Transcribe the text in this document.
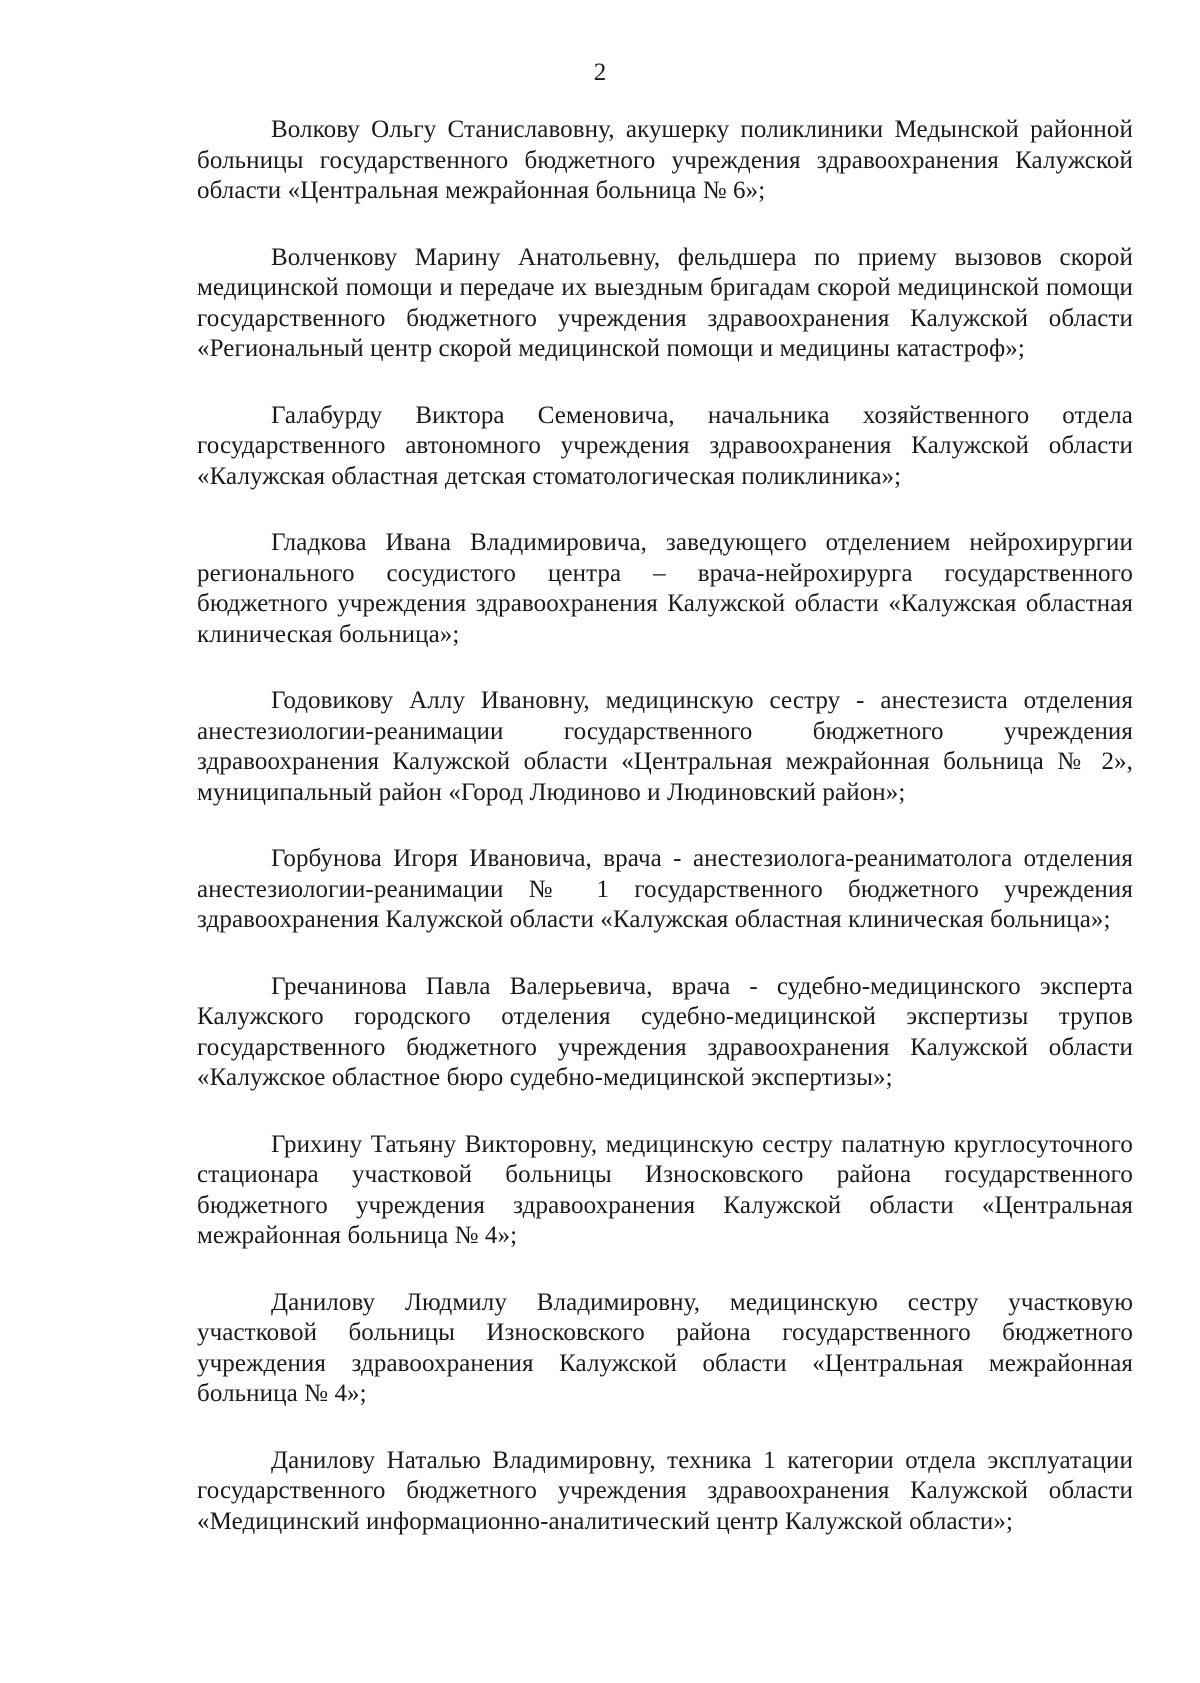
2

Волкову Ольгу Станиславовну, акушерку поликлиники Медынской районной больницы государственного бюджетного учреждения здравоохранения Калужской области «Центральная межрайонная больница № 6»;

Волченкову Марину Анатольевну, фельдшера по приему вызовов скорой медицинской помощи и передаче их выездным бригадам скорой медицинской помощи государственного бюджетного учреждения здравоохранения Калужской области «Региональный центр скорой медицинской помощи и медицины катастроф»;

Галабурду Виктора Семеновича, начальника хозяйственного отдела государственного автономного учреждения здравоохранения Калужской области «Калужская областная детская стоматологическая поликлиника»;

Гладкова Ивана Владимировича, заведующего отделением нейрохирургии регионального сосудистого центра – врача-нейрохирурга государственного бюджетного учреждения здравоохранения Калужской области «Калужская областная клиническая больница»;

Годовикову Аллу Ивановну, медицинскую сестру - анестезиста отделения анестезиологии-реанимации государственного бюджетного учреждения здравоохранения Калужской области «Центральная межрайонная больница № 2», муниципальный район «Город Людиново и Людиновский район»;

Горбунова Игоря Ивановича, врача - анестезиолога-реаниматолога отделения анестезиологии-реанимации № 1 государственного бюджетного учреждения здравоохранения Калужской области «Калужская областная клиническая больница»;

Гречанинова Павла Валерьевича, врача - судебно-медицинского эксперта Калужского городского отделения судебно-медицинской экспертизы трупов государственного бюджетного учреждения здравоохранения Калужской области «Калужское областное бюро судебно-медицинской экспертизы»;

Грихину Татьяну Викторовну, медицинскую сестру палатную круглосуточного стационара участковой больницы Износковского района государственного бюджетного учреждения здравоохранения Калужской области «Центральная межрайонная больница № 4»;

Данилову Людмилу Владимировну, медицинскую сестру участковую участковой больницы Износковского района государственного бюджетного учреждения здравоохранения Калужской области «Центральная межрайонная больница № 4»;

Данилову Наталью Владимировну, техника 1 категории отдела эксплуатации государственного бюджетного учреждения здравоохранения Калужской области «Медицинский информационно-аналитический центр Калужской области»;
